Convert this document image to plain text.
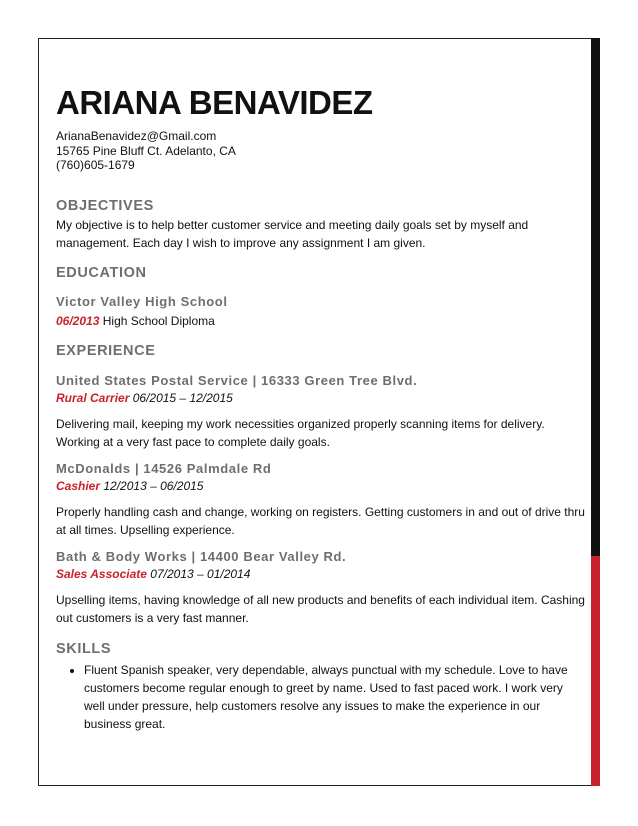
ARIANA BENAVIDEZ
ArianaBenavidez@Gmail.com
15765 Pine Bluff Ct. Adelanto, CA
(760)605-1679
OBJECTIVES
My objective is to help better customer service and meeting daily goals set by myself and management. Each day I wish to improve any assignment I am given.
EDUCATION
Victor Valley High School
06/2013 High School Diploma
EXPERIENCE
United States Postal Service | 16333 Green Tree Blvd.
Rural Carrier 06/2015 – 12/2015
Delivering mail, keeping my work necessities organized properly scanning items for delivery. Working at a very fast pace to complete daily goals.
McDonalds | 14526 Palmdale Rd
Cashier 12/2013 – 06/2015
Properly handling cash and change, working on registers. Getting customers in and out of drive thru at all times. Upselling experience.
Bath & Body Works | 14400 Bear Valley Rd.
Sales Associate 07/2013 – 01/2014
Upselling items, having knowledge of all new products and benefits of each individual item. Cashing out customers is a very fast manner.
SKILLS
• Fluent Spanish speaker, very dependable, always punctual with my schedule. Love to have customers become regular enough to greet by name. Used to fast paced work. I work very well under pressure, help customers resolve any issues to make the experience in our business great.
